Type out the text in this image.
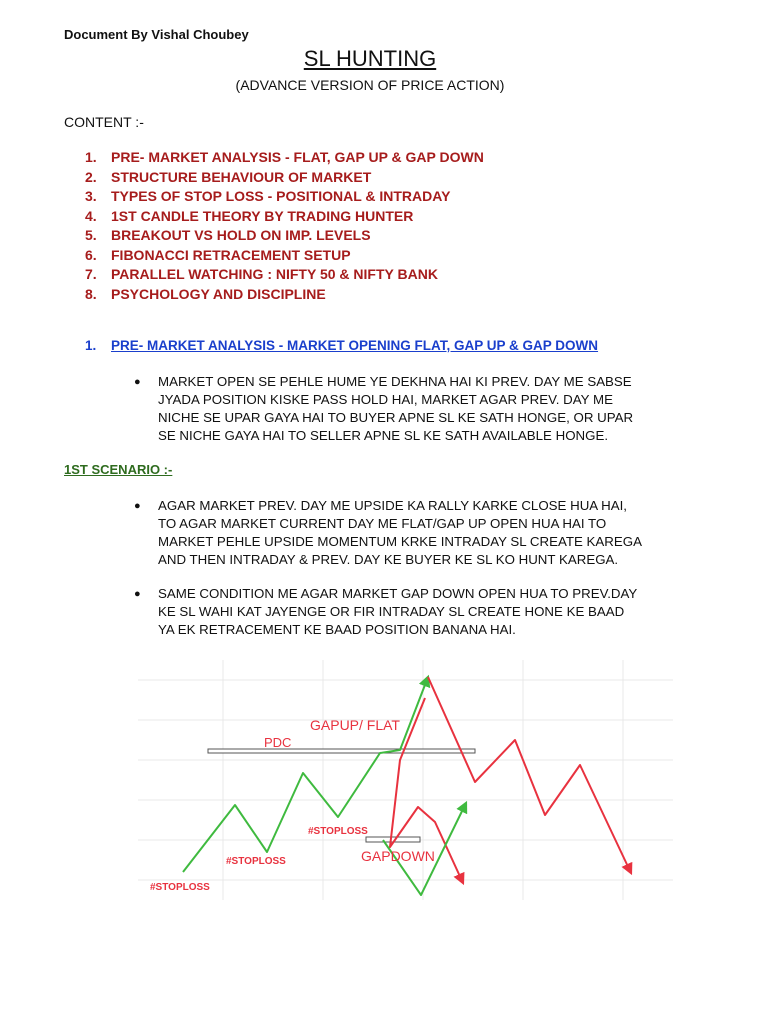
Document By Vishal Choubey
SL HUNTING
(ADVANCE VERSION OF PRICE ACTION)
CONTENT :-
1. PRE- MARKET ANALYSIS - FLAT, GAP UP & GAP DOWN
2. STRUCTURE BEHAVIOUR OF MARKET
3. TYPES OF STOP LOSS - POSITIONAL & INTRADAY
4. 1ST CANDLE THEORY BY TRADING HUNTER
5. BREAKOUT VS HOLD ON IMP. LEVELS
6. FIBONACCI RETRACEMENT SETUP
7. PARALLEL WATCHING : NIFTY 50 & NIFTY BANK
8. PSYCHOLOGY AND DISCIPLINE
1. PRE- MARKET ANALYSIS - MARKET OPENING FLAT, GAP UP & GAP DOWN
● MARKET OPEN SE PEHLE HUME YE DEKHNA HAI KI PREV. DAY ME SABSE
JYADA POSITION KISKE PASS HOLD HAI, MARKET AGAR PREV. DAY ME
NICHE SE UPAR GAYA HAI TO BUYER APNE SL KE SATH HONGE, OR UPAR
SE NICHE GAYA HAI TO SELLER APNE SL KE SATH AVAILABLE HONGE.
1ST SCENARIO :-
● AGAR MARKET PREV. DAY ME UPSIDE KA RALLY KARKE CLOSE HUA HAI,
TO AGAR MARKET CURRENT DAY ME FLAT/GAP UP OPEN HUA HAI TO
MARKET PEHLE UPSIDE MOMENTUM KRKE INTRADAY SL CREATE KAREGA
AND THEN INTRADAY & PREV. DAY KE BUYER KE SL KO HUNT KAREGA.
● SAME CONDITION ME AGAR MARKET GAP DOWN OPEN HUA TO PREV.DAY
KE SL WAHI KAT JAYENGE OR FIR INTRADAY SL CREATE HONE KE BAAD
YA EK RETRACEMENT KE BAAD POSITION BANANA HAI.
GAPUP/ FLAT
PDC
GAPDOWN
#STOPLOSS
#STOPLOSS
#STOPLOSS
